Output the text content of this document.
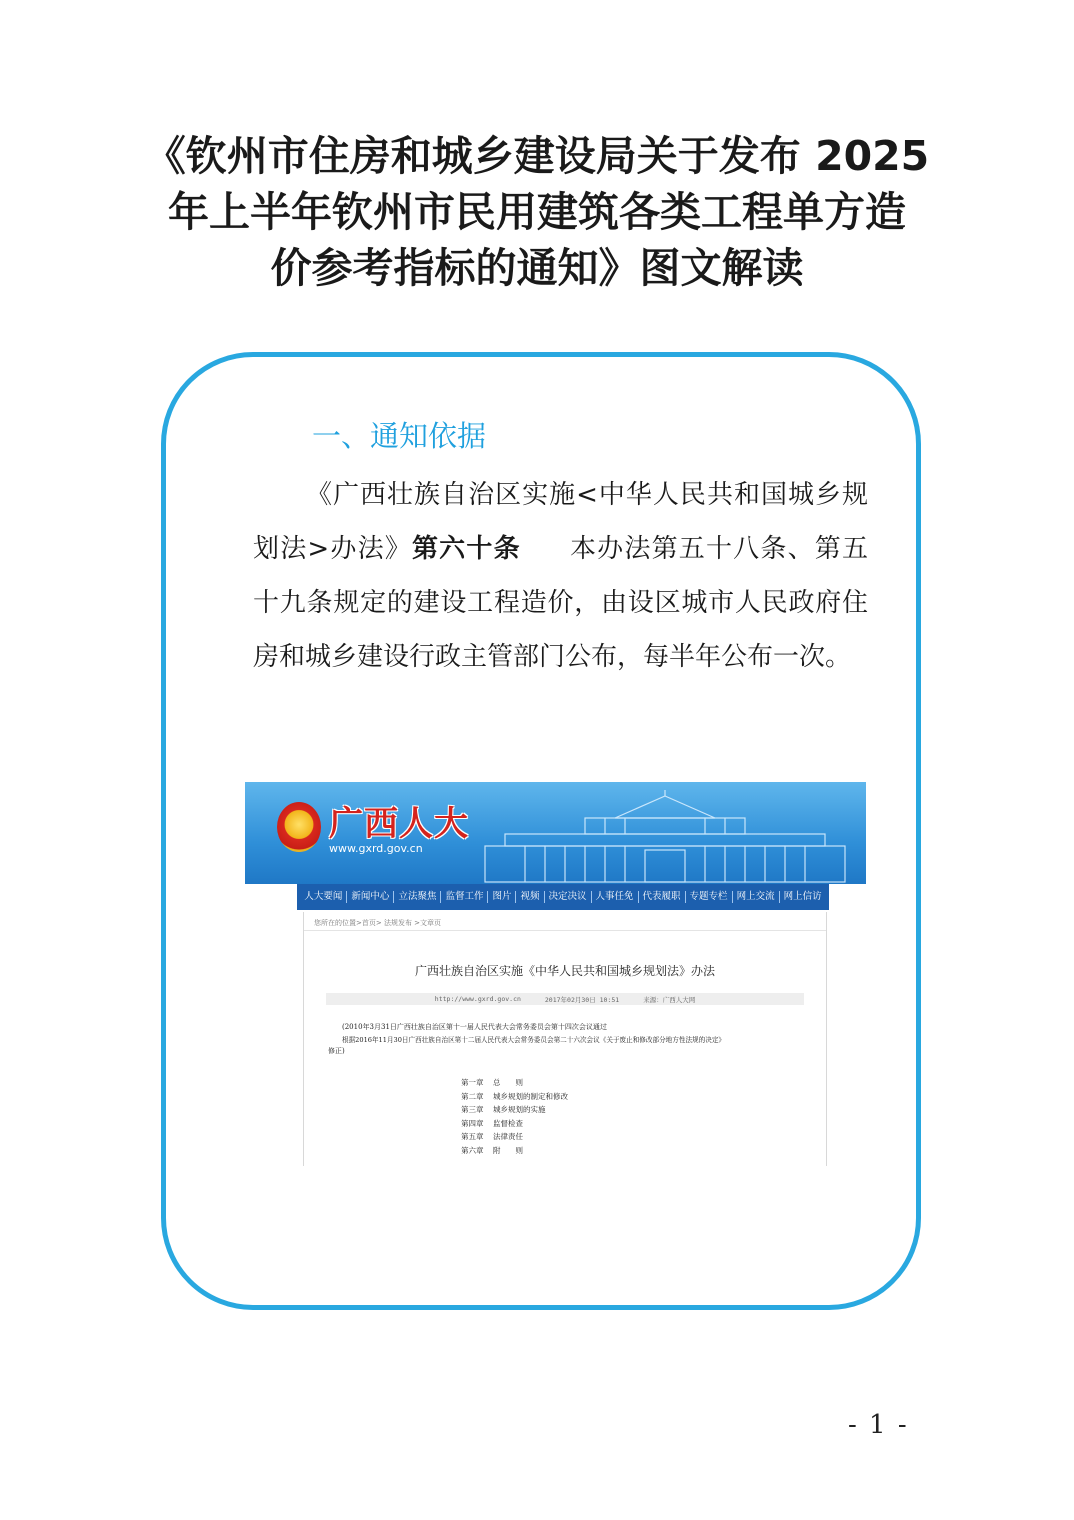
《钦州市住房和城乡建设局关于发布 2025
年上半年钦州市民用建筑各类工程单方造
价参考指标的通知》图文解读
一、通知依据
《广西壮族自治区实施<中华人民共和国城乡规划法>办法》第六十条 本办法第五十八条、第五十九条规定的建设工程造价，由设区城市人民政府住房和城乡建设行政主管部门公布，每半年公布一次。
广西人大
www.gxrd.gov.cn
人大要闻 新闻中心 立法聚焦 监督工作 图片 视频 决定决议 人事任免 代表履职 专题专栏 网上交流 网上信访
您所在的位置>首页> 法规发布 >文章页
广西壮族自治区实施《中华人民共和国城乡规划法》办法
http://www.gxrd.gov.cn	2017年02月30日 10:51	来源：广西人大网
(2010年3月31日广西壮族自治区第十一届人民代表大会常务委员会第十四次会议通过
根据2016年11月30日广西壮族自治区第十二届人民代表大会常务委员会第二十六次会议《关于废止和修改部分地方性法规的决定》
修正)
第一章 总　　则
第二章 城乡规划的制定和修改
第三章 城乡规划的实施
第四章 监督检查
第五章 法律责任
第六章 附　　则
- 1 -
